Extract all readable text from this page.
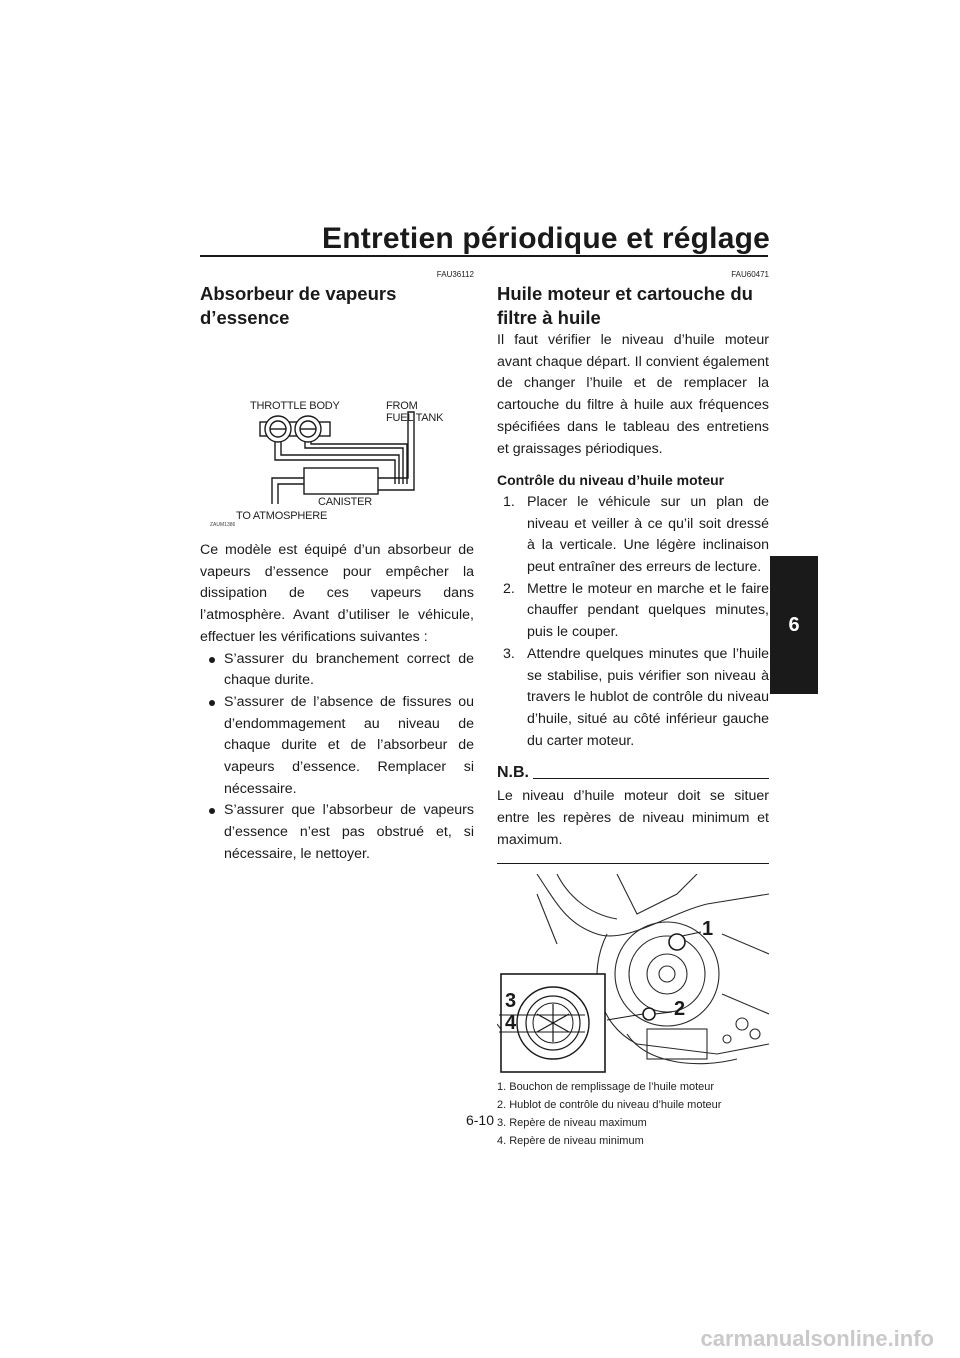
Entretien périodique et réglage
6
FAU36112
Absorbeur de vapeurs d’essence
THROTTLE BODY	FROM
FUEL TANK
CANISTER
TO ATMOSPHERE
ZAUM1386

Ce modèle est équipé d’un absorbeur de vapeurs d’essence pour empêcher la dissipation de ces vapeurs dans l’atmosphère. Avant d’utiliser le véhicule, effectuer les vérifications suivantes :

S’assurer du branchement correct de chaque durite.
S’assurer de l’absence de fissures ou d’endommagement au niveau de chaque durite et de l’absorbeur de vapeurs d’essence. Remplacer si nécessaire.
S’assurer que l’absorbeur de vapeurs d’essence n’est pas obstrué et, si nécessaire, le nettoyer.
FAU60471
Huile moteur et cartouche du filtre à huile

Il faut vérifier le niveau d’huile moteur avant chaque départ. Il convient également de changer l’huile et de remplacer la cartouche du filtre à huile aux fréquences spécifiées dans le tableau des entretiens et graissages périodiques.

Contrôle du niveau d’huile moteur
1. Placer le véhicule sur un plan de niveau et veiller à ce qu’il soit dressé à la verticale. Une légère inclinaison peut entraîner des erreurs de lecture.
2. Mettre le moteur en marche et le faire chauffer pendant quelques minutes, puis le couper.
3. Attendre quelques minutes que l’huile se stabilise, puis vérifier son niveau à travers le hublot de contrôle du niveau d’huile, situé au côté inférieur gauche du carter moteur.
N.B.

Le niveau d’huile moteur doit se situer entre les repères de niveau minimum et maximum.

1
2
3
4
1. Bouchon de remplissage de l’huile moteur
2. Hublot de contrôle du niveau d’huile moteur
3. Repère de niveau maximum
4. Repère de niveau minimum
6-10
carmanualsonline.info
